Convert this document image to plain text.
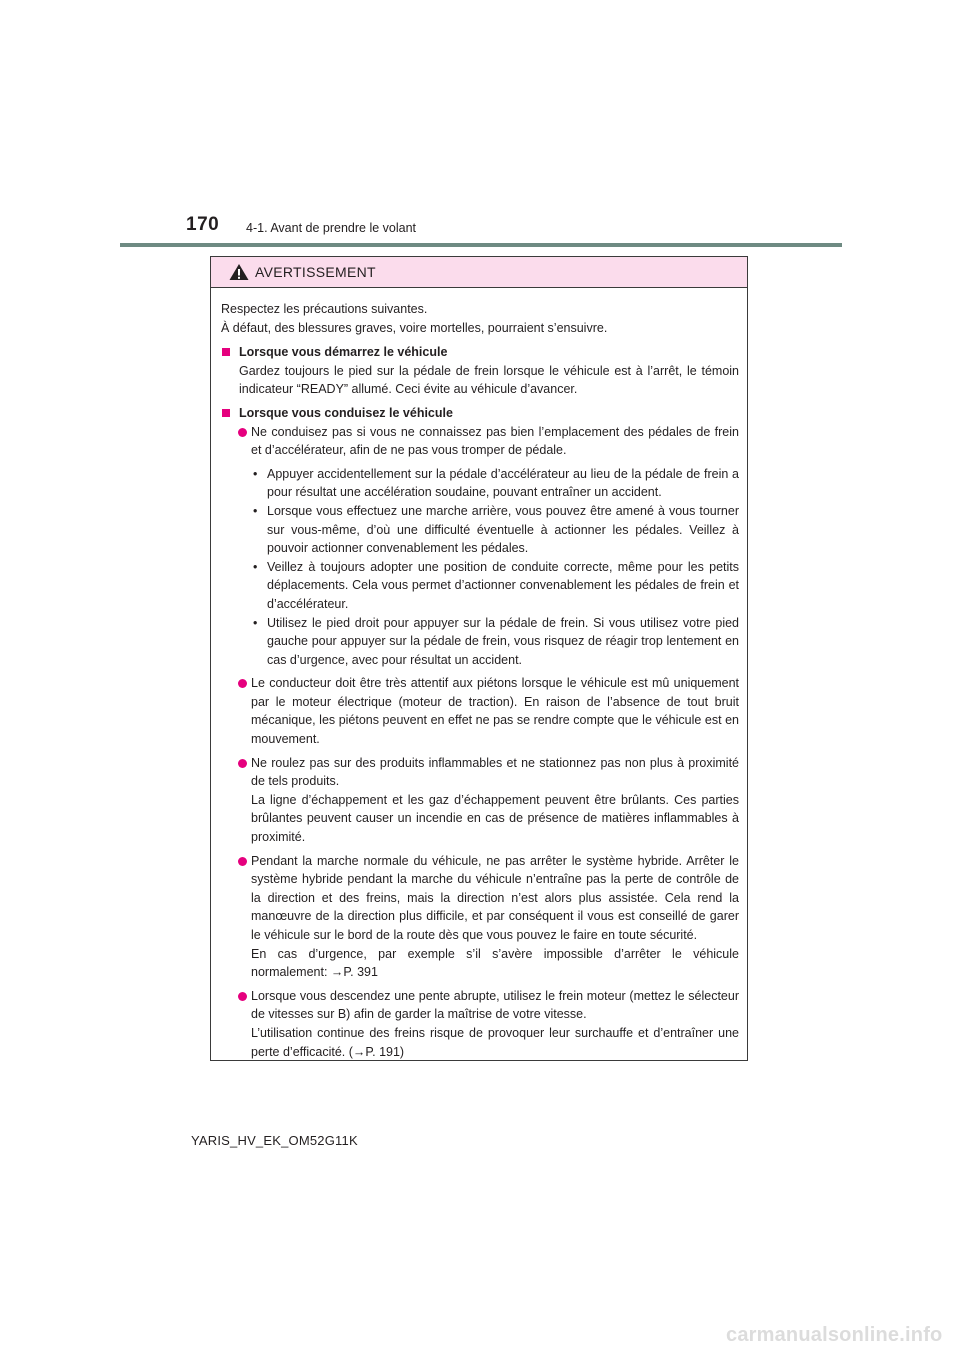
170 4-1. Avant de prendre le volant
AVERTISSEMENT
Respectez les précautions suivantes.
À défaut, des blessures graves, voire mortelles, pourraient s’ensuivre.
Lorsque vous démarrez le véhicule

Gardez toujours le pied sur la pédale de frein lorsque le véhicule est à l’arrêt, le témoin indicateur “READY” allumé. Ceci évite au véhicule d’avancer.

Lorsque vous conduisez le véhicule

Ne conduisez pas si vous ne connaissez pas bien l’emplacement des pédales de frein et d’accélérateur, afin de ne pas vous tromper de pédale.

• Appuyer accidentellement sur la pédale d’accélérateur au lieu de la pédale de frein a pour résultat une accélération soudaine, pouvant entraîner un accident.

• Lorsque vous effectuez une marche arrière, vous pouvez être amené à vous tourner sur vous-même, d’où une difficulté éventuelle à actionner les pédales. Veillez à pouvoir actionner convenablement les pédales.

• Veillez à toujours adopter une position de conduite correcte, même pour les petits déplacements. Cela vous permet d’actionner convenablement les pédales de frein et d’accélérateur.

• Utilisez le pied droit pour appuyer sur la pédale de frein. Si vous utilisez votre pied gauche pour appuyer sur la pédale de frein, vous risquez de réagir trop lentement en cas d’urgence, avec pour résultat un accident.

Le conducteur doit être très attentif aux piétons lorsque le véhicule est mû uniquement par le moteur électrique (moteur de traction). En raison de l’absence de tout bruit mécanique, les piétons peuvent en effet ne pas se rendre compte que le véhicule est en mouvement.

Ne roulez pas sur des produits inflammables et ne stationnez pas non plus à proximité de tels produits.

La ligne d’échappement et les gaz d’échappement peuvent être brûlants. Ces parties brûlantes peuvent causer un incendie en cas de présence de matières inflammables à proximité.

Pendant la marche normale du véhicule, ne pas arrêter le système hybride. Arrêter le système hybride pendant la marche du véhicule n’entraîne pas la perte de contrôle de la direction et des freins, mais la direction n’est alors plus assistée. Cela rend la manœuvre de la direction plus difficile, et par conséquent il vous est conseillé de garer le véhicule sur le bord de la route dès que vous pouvez le faire en toute sécurité.

En cas d’urgence, par exemple s’il s’avère impossible d’arrêter le véhicule normalement: →P. 391

Lorsque vous descendez une pente abrupte, utilisez le frein moteur (mettez le sélecteur de vitesses sur B) afin de garder la maîtrise de votre vitesse.

L’utilisation continue des freins risque de provoquer leur surchauffe et d’entraîner une perte d’efficacité. (→P. 191)

YARIS_HV_EK_OM52G11K
carmanualsonline.info
